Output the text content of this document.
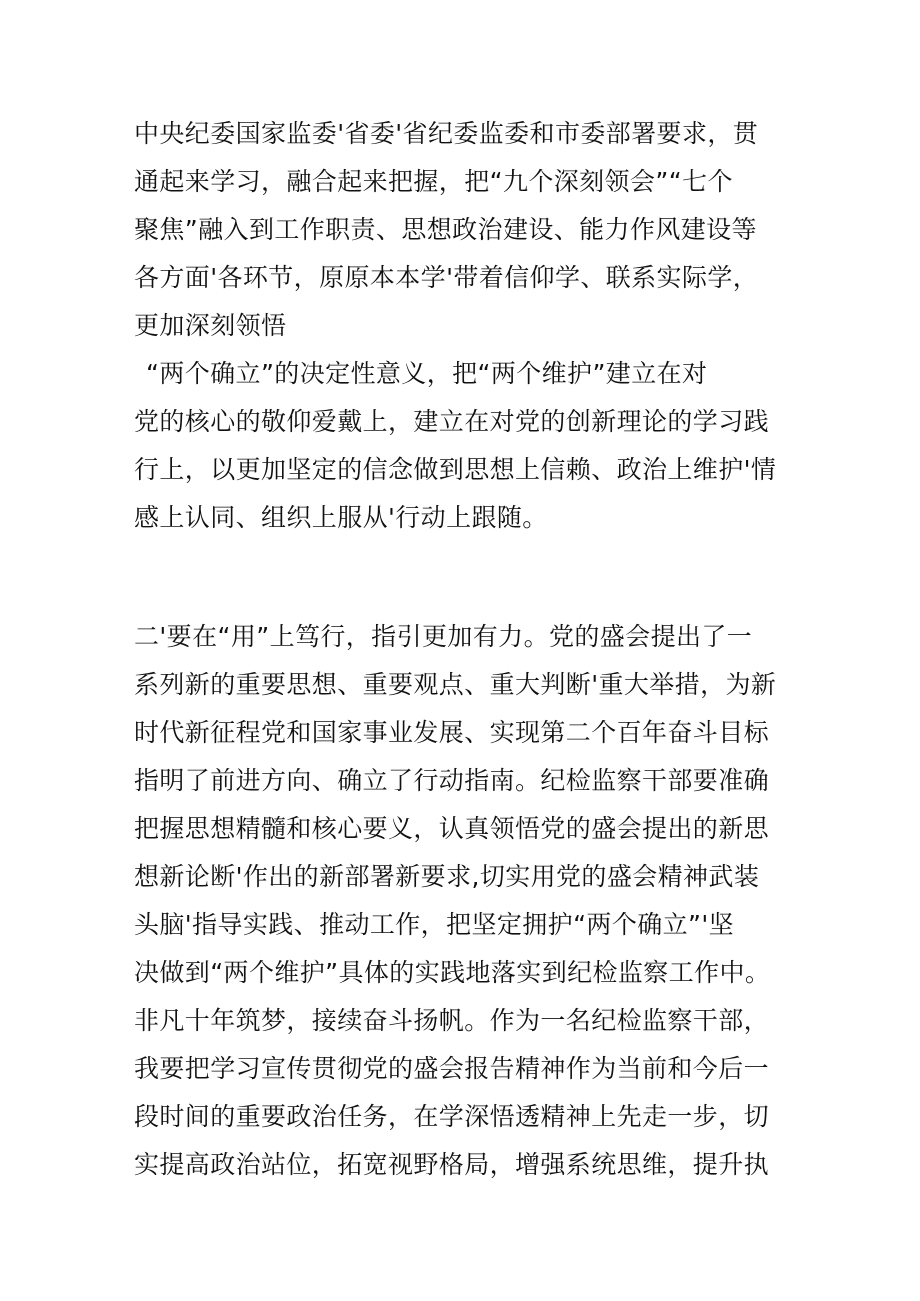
中央纪委国家监委'省委'省纪委监委和市委部署要求，贯
通起来学习，融合起来把握，把“九个深刻领会”“七个
聚焦”融入到工作职责、思想政治建设、能力作风建设等
各方面'各环节，原原本本学'带着信仰学、联系实际学，
更加深刻领悟
“两个确立”的决定性意义，把“两个维护”建立在对
党的核心的敬仰爱戴上，建立在对党的创新理论的学习践
行上，以更加坚定的信念做到思想上信赖、政治上维护'情
感上认同、组织上服从'行动上跟随。
二'要在“用”上笃行，指引更加有力。党的盛会提出了一
系列新的重要思想、重要观点、重大判断'重大举措，为新
时代新征程党和国家事业发展、实现第二个百年奋斗目标
指明了前进方向、确立了行动指南。纪检监察干部要准确
把握思想精髓和核心要义，认真领悟党的盛会提出的新思
想新论断'作出的新部署新要求,切实用党的盛会精神武装
头脑'指导实践、推动工作，把坚定拥护“两个确立”'坚
决做到“两个维护”具体的实践地落实到纪检监察工作中。
非凡十年筑梦，接续奋斗扬帆。作为一名纪检监察干部，
我要把学习宣传贯彻党的盛会报告精神作为当前和今后一
段时间的重要政治任务，在学深悟透精神上先走一步，切
实提高政治站位，拓宽视野格局，增强系统思维，提升执
